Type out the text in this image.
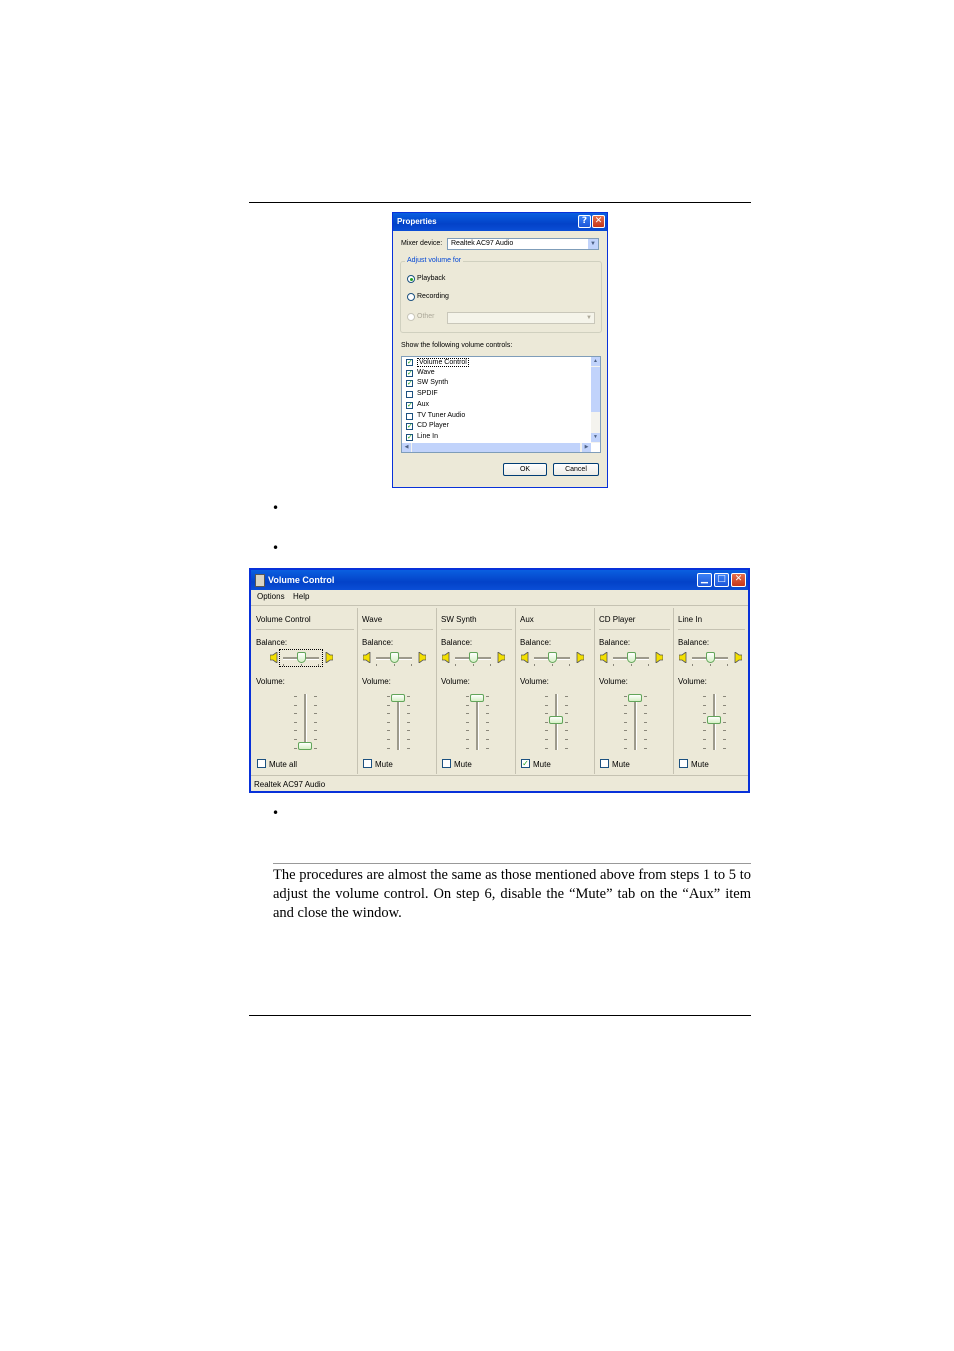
Properties	? ✕
Mixer device: Realtek AC97 Audio	▼
Adjust volume for
Playback
Recording
Other	▼
Show the following volume controls:
✓ Volume Control
✓ Wave
✓ SW Synth
SPDIF
✓ Aux
TV Tuner Audio
✓ CD Player
✓ Line In
▲
▼
◀	▶
OK	Cancel
•
•
•
Volume Control	▁	□ ✕
Options Help
Volume Control
Balance:
Volume:
Mute all
Wave
Balance:
Volume:
Mute
SW Synth
Balance:
Volume:
Mute
Aux
Balance:
Volume:
✓ Mute
CD Player
Balance:
Volume:
Mute
Line In
Balance:
Volume:
Mute
Realtek AC97 Audio
The procedures are almost the same as those mentioned above from steps 1 to 5 to adjust the volume control. On step 6, disable the “Mute” tab on the “Aux” item and close the window.
